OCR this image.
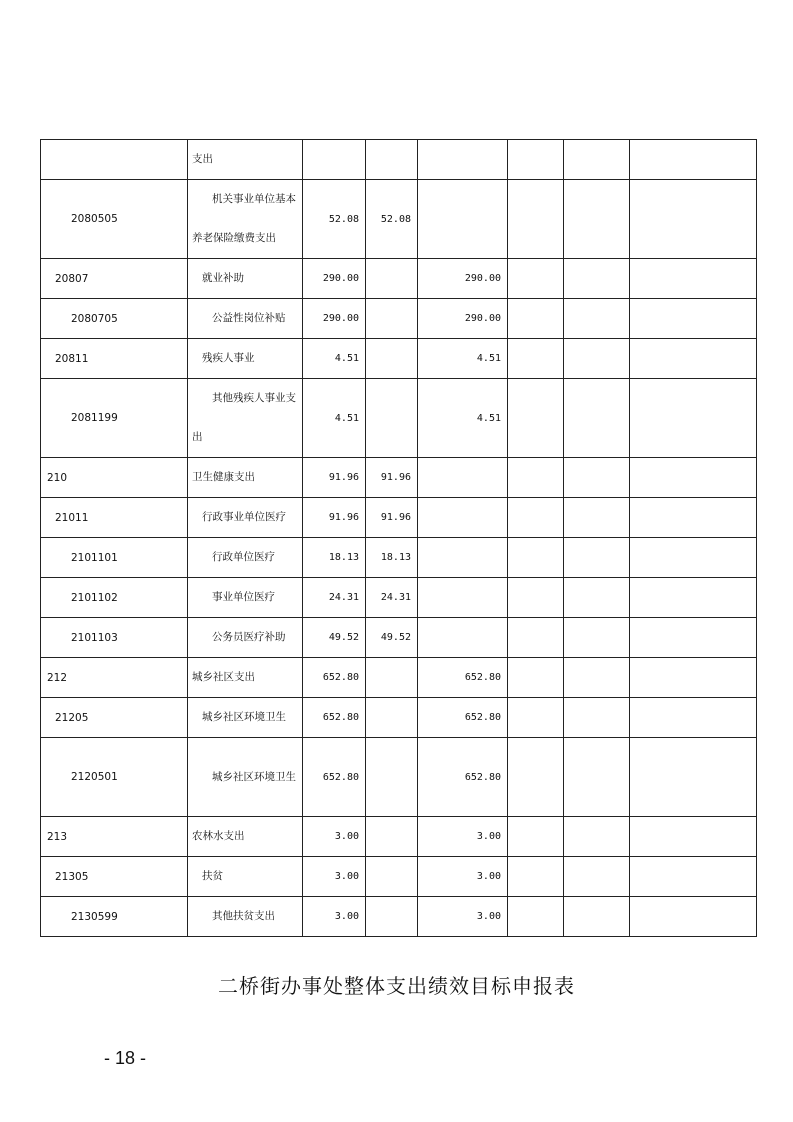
	支出						

2080505	机关事业单位基本养老保险缴费支出	52.08	52.08				
20807	就业补助	290.00		290.00			
2080705	公益性岗位补贴	290.00		290.00			
20811	残疾人事业	4.51		4.51			
2081199	其他残疾人事业支出	4.51		4.51			
210	卫生健康支出	91.96	91.96				
21011	行政事业单位医疗	91.96	91.96				
2101101	行政单位医疗	18.13	18.13				
2101102	事业单位医疗	24.31	24.31				
2101103	公务员医疗补助	49.52	49.52				
212	城乡社区支出	652.80		652.80			
21205	城乡社区环境卫生	652.80		652.80			
2120501	城乡社区环境卫生	652.80		652.80			
213	农林水支出	3.00		3.00			
21305	扶贫	3.00		3.00			
2130599	其他扶贫支出	3.00		3.00			
二桥街办事处整体支出绩效目标申报表
- 18 -
